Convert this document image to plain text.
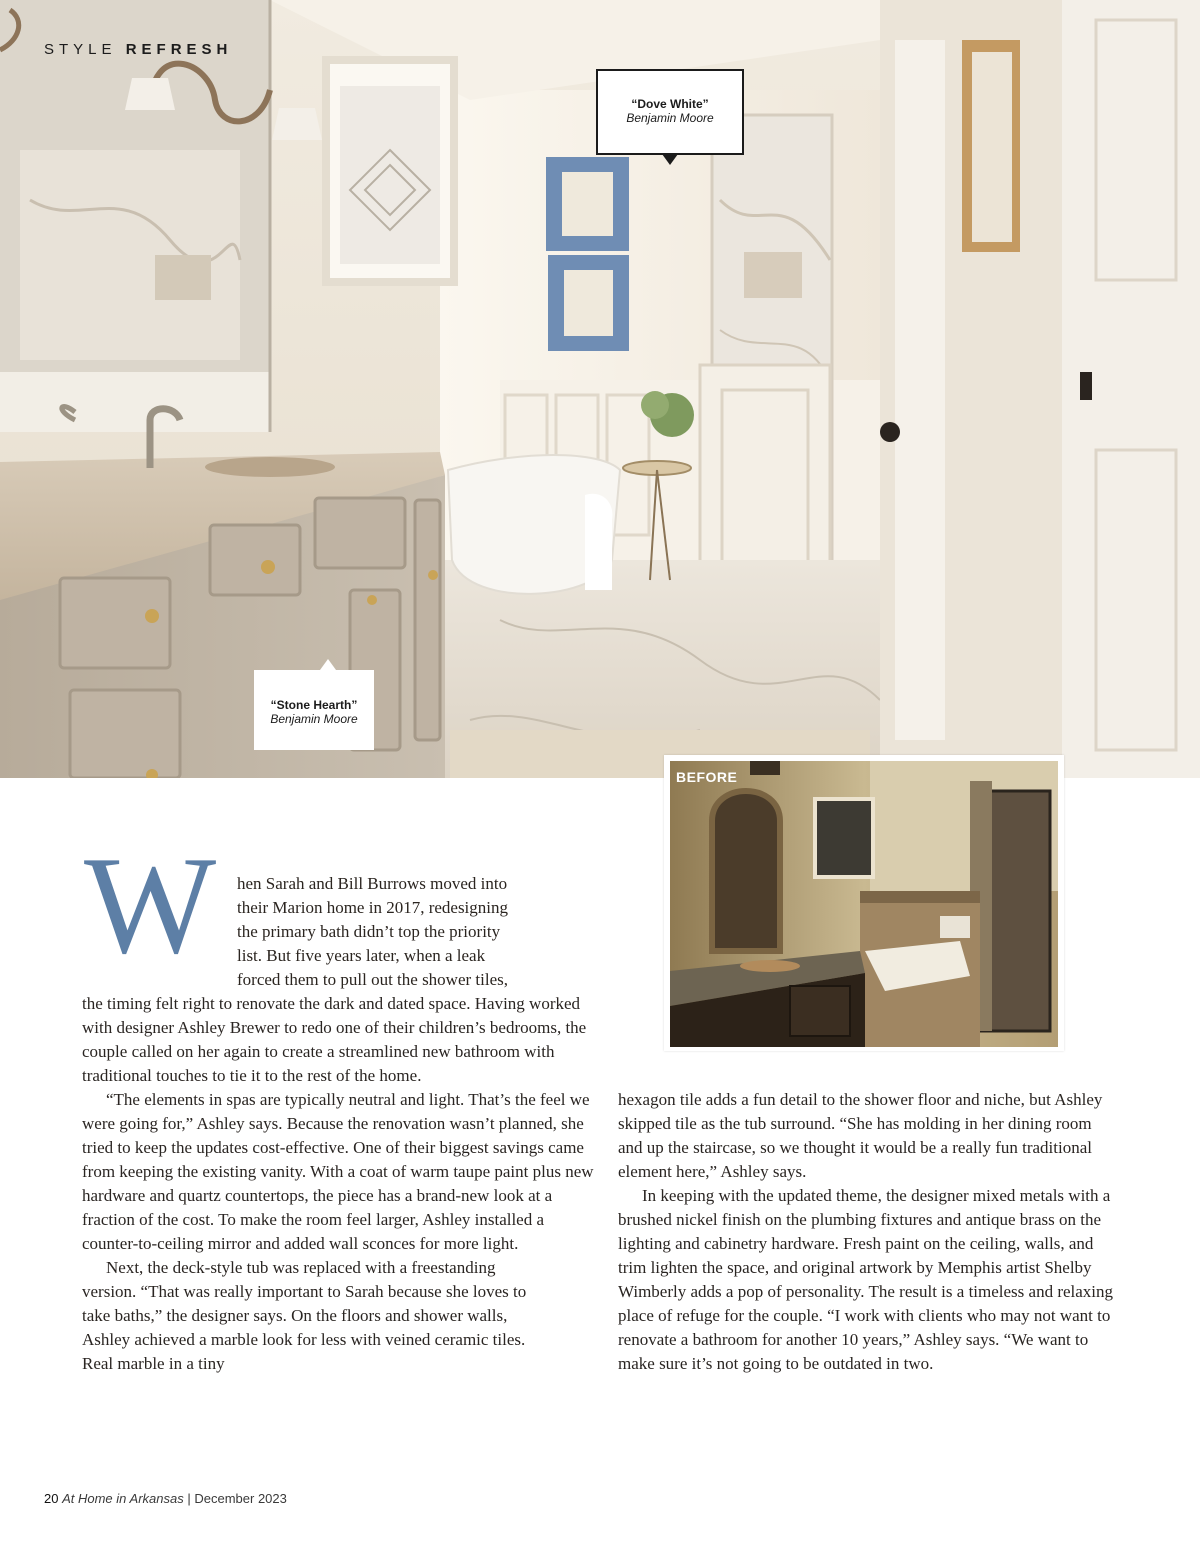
STYLE REFRESH
“Dove White”
Benjamin Moore
“Stone Hearth”
Benjamin Moore
BEFORE
W hen Sarah and Bill Burrows moved into
their Marion home in 2017, redesigning
the primary bath didn’t top the priority
list. But five years later, when a leak
forced them to pull out the shower tiles,

the timing felt right to renovate the dark and dated space. Having worked with designer Ashley Brewer to redo one of their children’s bedrooms, the couple called on her again to create a streamlined new bathroom with traditional touches to tie it to the rest of the home.

“The elements in spas are typically neutral and light. That’s the feel we were going for,” Ashley says. Because the renovation wasn’t planned, she tried to keep the updates cost-effective. One of their biggest savings came from keeping the existing vanity. With a coat of warm taupe paint plus new hardware and quartz countertops, the piece has a brand-new look at a fraction of the cost. To make the room feel larger, Ashley installed a counter-to-ceiling mirror and added wall sconces for more light.

Next, the deck-style tub was replaced with a freestanding version. “That was really important to Sarah because she loves to take baths,” the designer says. On the floors and shower walls, Ashley achieved a marble look for less with veined ceramic tiles. Real marble in a tiny

hexagon tile adds a fun detail to the shower floor and niche, but Ashley skipped tile as the tub surround. “She has molding in her dining room and up the staircase, so we thought it would be a really fun traditional element here,” Ashley says.

In keeping with the updated theme, the designer mixed metals with a brushed nickel finish on the plumbing fixtures and antique brass on the lighting and cabinetry hardware. Fresh paint on the ceiling, walls, and trim lighten the space, and original artwork by Memphis artist Shelby Wimberly adds a pop of personality. The result is a timeless and relaxing place of refuge for the couple. “I work with clients who may not want to renovate a bathroom for another 10 years,” Ashley says. “We want to make sure it’s not going to be outdated in two.

20 At Home in Arkansas | December 2023
